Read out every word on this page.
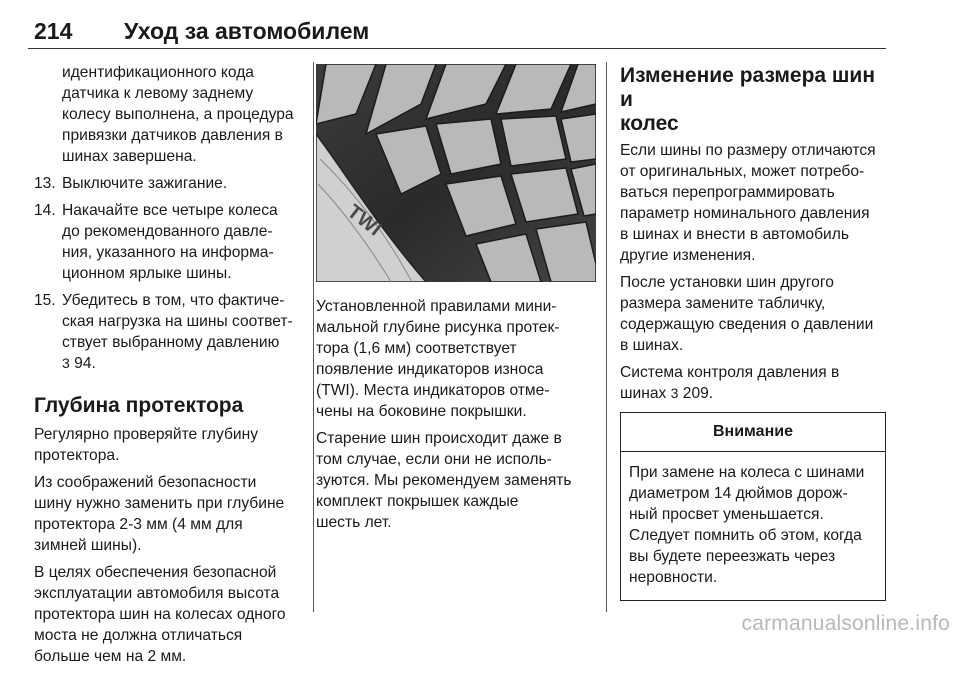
214 Уход за автомобилем

идентификационного кода
датчика к левому заднему
колесу выполнена, а процедура
привязки датчиков давления в
шинах завершена.

13. Выключите зажигание.
14. Накачайте все четыре колеса
до рекомендованного давле-
ния, указанного на информа-
ционном ярлыке шины.
15. Убедитесь в том, что фактиче-
ская нагрузка на шины соответ-
ствует выбранному давлению
3 94.
Глубина протектора

Регулярно проверяйте глубину
протектора.

Из соображений безопасности
шину нужно заменить при глубине
протектора 2-3 мм (4 мм для
зимней шины).

В целях обеспечения безопасной
эксплуатации автомобиля высота
протектора шин на колесах одного
моста не должна отличаться
больше чем на 2 мм.

TWI

Установленной правилами мини-
мальной глубине рисунка протек-
тора (1,6 мм) соответствует
появление индикаторов износа
(TWI). Места индикаторов отме-
чены на боковине покрышки.

Старение шин происходит даже в
том случае, если они не исполь-
зуются. Мы рекомендуем заменять
комплект покрышек каждые
шесть лет.

Изменение размера шин и
колес

Если шины по размеру отличаются
от оригинальных, может потребо-
ваться перепрограммировать
параметр номинального давления
в шинах и внести в автомобиль
другие изменения.

После установки шин другого
размера замените табличку,
содержащую сведения о давлении
в шинах.

Система контроля давления в
шинах 3 209.

Внимание
При замене на колеса с шинами
диаметром 14 дюймов дорож-
ный просвет уменьшается.
Следует помнить об этом, когда
вы будете переезжать через
неровности.
carmanualsonline.info
